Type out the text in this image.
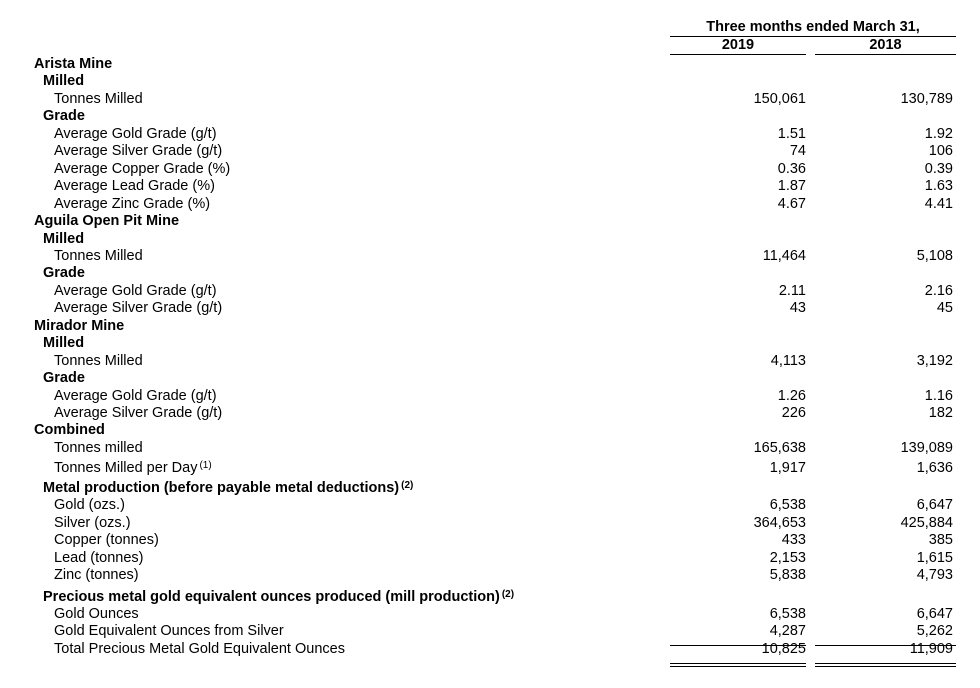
Three months ended March 31,
2019	2018
Arista Mine
Milled
Tonnes Milled	150,061	130,789
Grade
Average Gold Grade (g/t)	1.51	1.92
Average Silver Grade (g/t)	74	106
Average Copper Grade (%)	0.36	0.39
Average Lead Grade (%)	1.87	1.63
Average Zinc Grade (%)	4.67	4.41
Aguila Open Pit Mine
Milled
Tonnes Milled	11,464	5,108
Grade
Average Gold Grade (g/t)	2.11	2.16
Average Silver Grade (g/t)	43	45
Mirador Mine
Milled
Tonnes Milled	4,113	3,192
Grade
Average Gold Grade (g/t)	1.26	1.16
Average Silver Grade (g/t)	226	182
Combined
Tonnes milled	165,638	139,089
Tonnes Milled per Day $^{(1)}$	1,917	1,636
Metal production (before payable metal deductions) $^{(2)}$
Gold (ozs.)	6,538	6,647
Silver (ozs.)	364,653	425,884
Copper (tonnes)	433	385
Lead (tonnes)	2,153	1,615
Zinc (tonnes)	5,838	4,793
Precious metal gold equivalent ounces produced (mill production) $^{(2)}$
Gold Ounces	6,538	6,647
Gold Equivalent Ounces from Silver	4,287	5,262
Total Precious Metal Gold Equivalent Ounces	10,825	11,909
